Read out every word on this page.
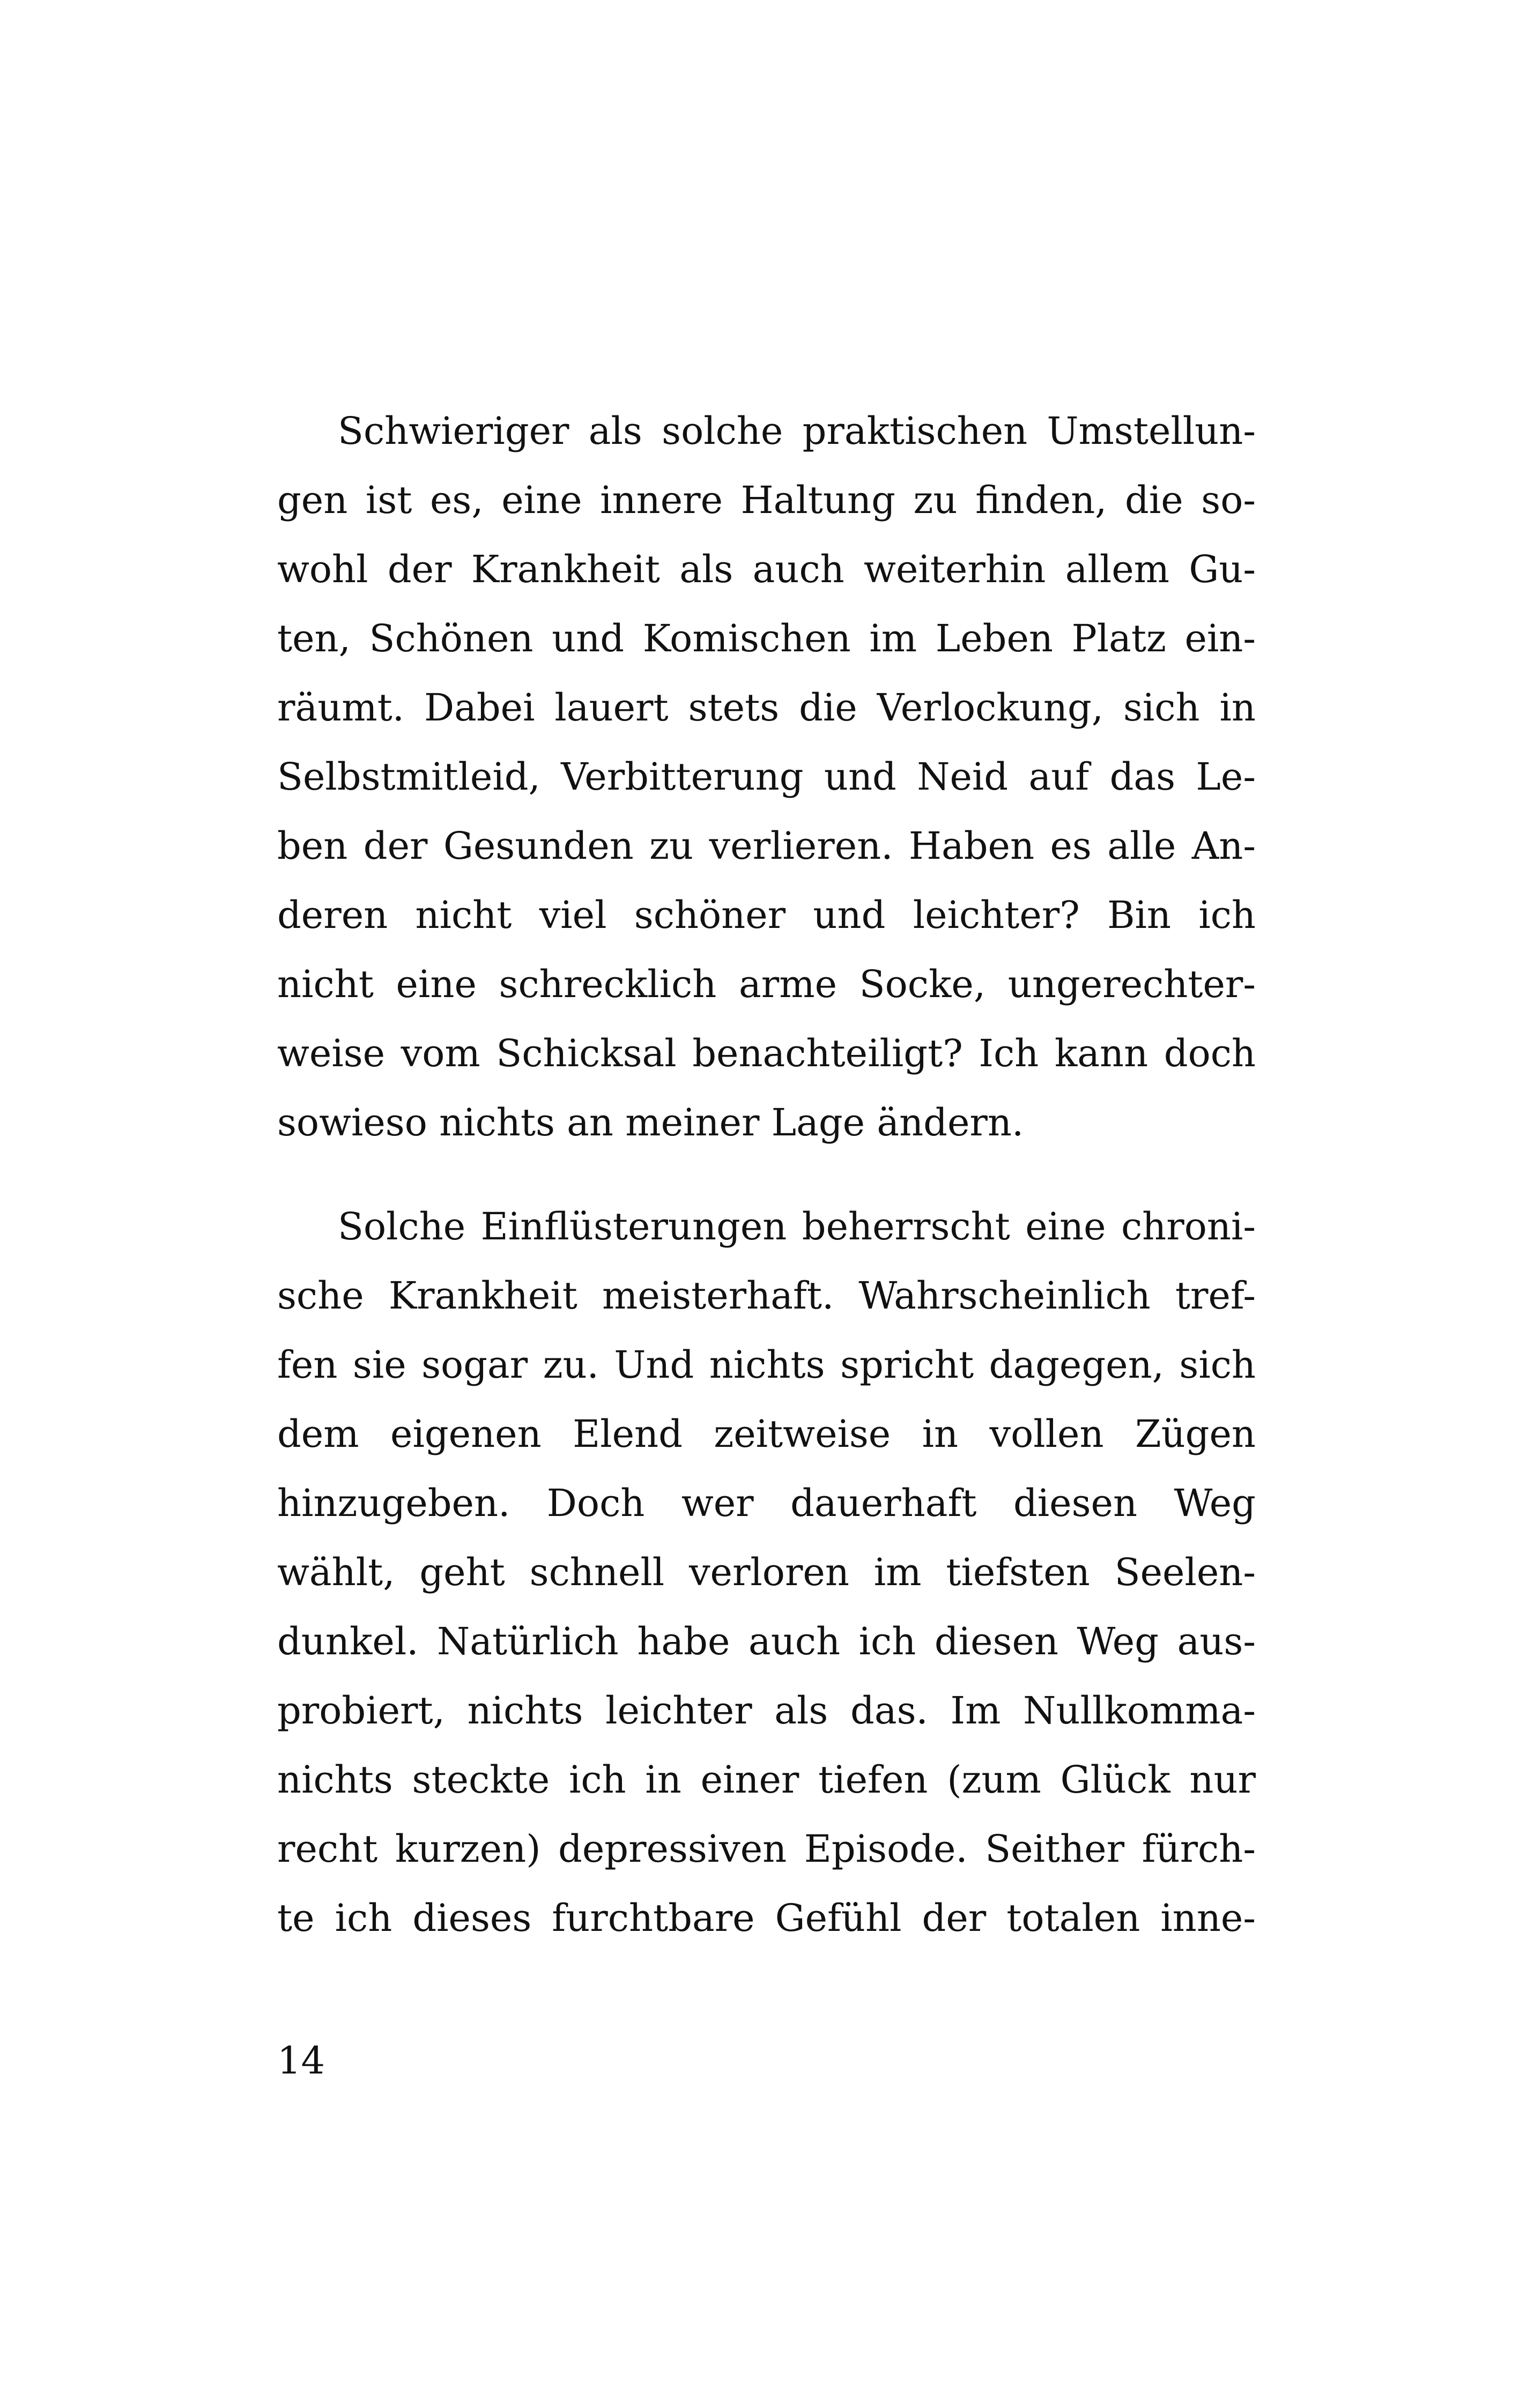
Schwieriger als solche praktischen Umstellun-
gen ist es, eine innere Haltung zu finden, die so-
wohl der Krankheit als auch weiterhin allem Gu-
ten, Schönen und Komischen im Leben Platz ein-
räumt. Dabei lauert stets die Verlockung, sich in
Selbstmitleid, Verbitterung und Neid auf das Le-
ben der Gesunden zu verlieren. Haben es alle An-
deren nicht viel schöner und leichter? Bin ich
nicht eine schrecklich arme Socke, ungerechter-
weise vom Schicksal benachteiligt? Ich kann doch
sowieso nichts an meiner Lage ändern.

Solche Einflüsterungen beherrscht eine chroni-
sche Krankheit meisterhaft. Wahrscheinlich tref-
fen sie sogar zu. Und nichts spricht dagegen, sich
dem eigenen Elend zeitweise in vollen Zügen
hinzugeben. Doch wer dauerhaft diesen Weg
wählt, geht schnell verloren im tiefsten Seelen-
dunkel. Natürlich habe auch ich diesen Weg aus-
probiert, nichts leichter als das. Im Nullkomma-
nichts steckte ich in einer tiefen (zum Glück nur
recht kurzen) depressiven Episode. Seither fürch-
te ich dieses furchtbare Gefühl der totalen inne-

14
